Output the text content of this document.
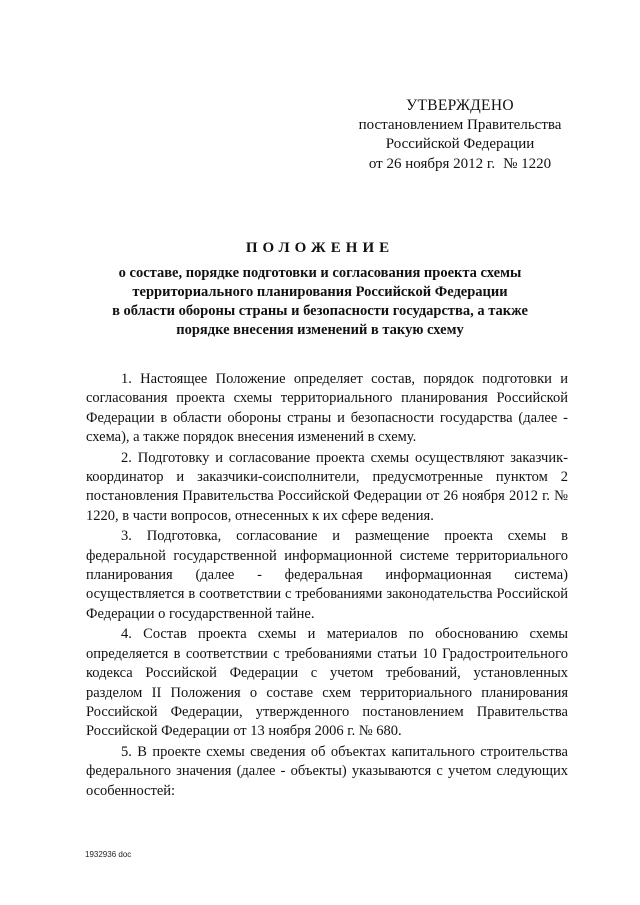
УТВЕРЖДЕНО
постановлением Правительства
Российской Федерации
от 26 ноября 2012 г. № 1220
ПОЛОЖЕНИЕ
о составе, порядке подготовки и согласования проекта схемы
территориального планирования Российской Федерации
в области обороны страны и безопасности государства, а также
порядке внесения изменений в такую схему

1. Настоящее Положение определяет состав, порядок подготовки и согласования проекта схемы территориального планирования Российской Федерации в области обороны страны и безопасности государства (далее - схема), а также порядок внесения изменений в схему.

2. Подготовку и согласование проекта схемы осуществляют заказчик-координатор и заказчики-соисполнители, предусмотренные пунктом 2 постановления Правительства Российской Федерации от 26 ноября 2012 г. № 1220, в части вопросов, отнесенных к их сфере ведения.

3. Подготовка, согласование и размещение проекта схемы в федеральной государственной информационной системе территориального планирования (далее - федеральная информационная система) осуществляется в соответствии с требованиями законодательства Российской Федерации о государственной тайне.

4. Состав проекта схемы и материалов по обоснованию схемы определяется в соответствии с требованиями статьи 10 Градостроительного кодекса Российской Федерации с учетом требований, установленных разделом II Положения о составе схем территориального планирования Российской Федерации, утвержденного постановлением Правительства Российской Федерации от 13 ноября 2006 г. № 680.

5. В проекте схемы сведения об объектах капитального строительства федерального значения (далее - объекты) указываются с учетом следующих особенностей:

1932936 doc
